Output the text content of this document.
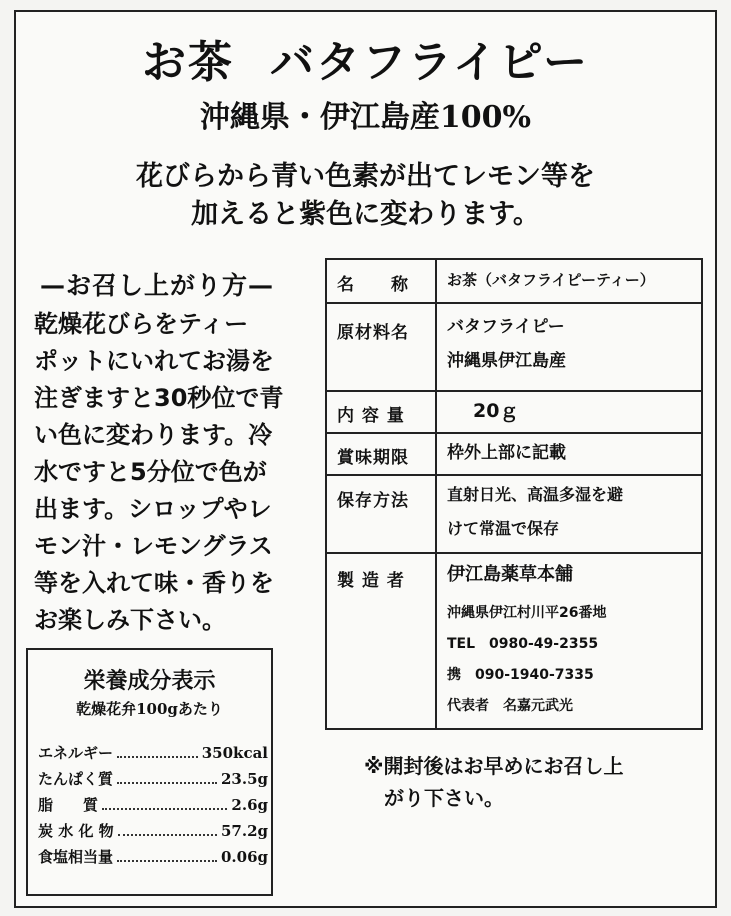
お茶 バタフライピー
沖縄県・伊江島産100%
花びらから青い色素が出てレモン等を
加えると紫色に変わります。
—お召し上がり方—
乾燥花びらをティー
ポットにいれてお湯を
注ぎますと30秒位で青
い色に変わります。冷
水ですと5分位で色が
出ます。シロップやレ
モン汁・レモングラス
等を入れて味・香りを
お楽しみ下さい。
栄養成分表示
乾燥花弁100gあたり
エネルギー	350kcal
たんぱく質	23.5g
脂　　質	2.6g
炭 水 化 物	57.2g
食塩相当量	0.06g
名　　称	お茶（バタフライピーティー）
原材料名 バタフライピー
沖縄県伊江島産
内 容 量	20ｇ
賞味期限 枠外上部に記載
保存方法 直射日光、高温多湿を避
けて常温で保存
製 造 者 伊江島薬草本舗
沖縄県伊江村川平26番地
TEL　0980-49-2355
携　090-1940-7335
代表者　名嘉元武光
※開封後はお早めにお召し上
がり下さい。
